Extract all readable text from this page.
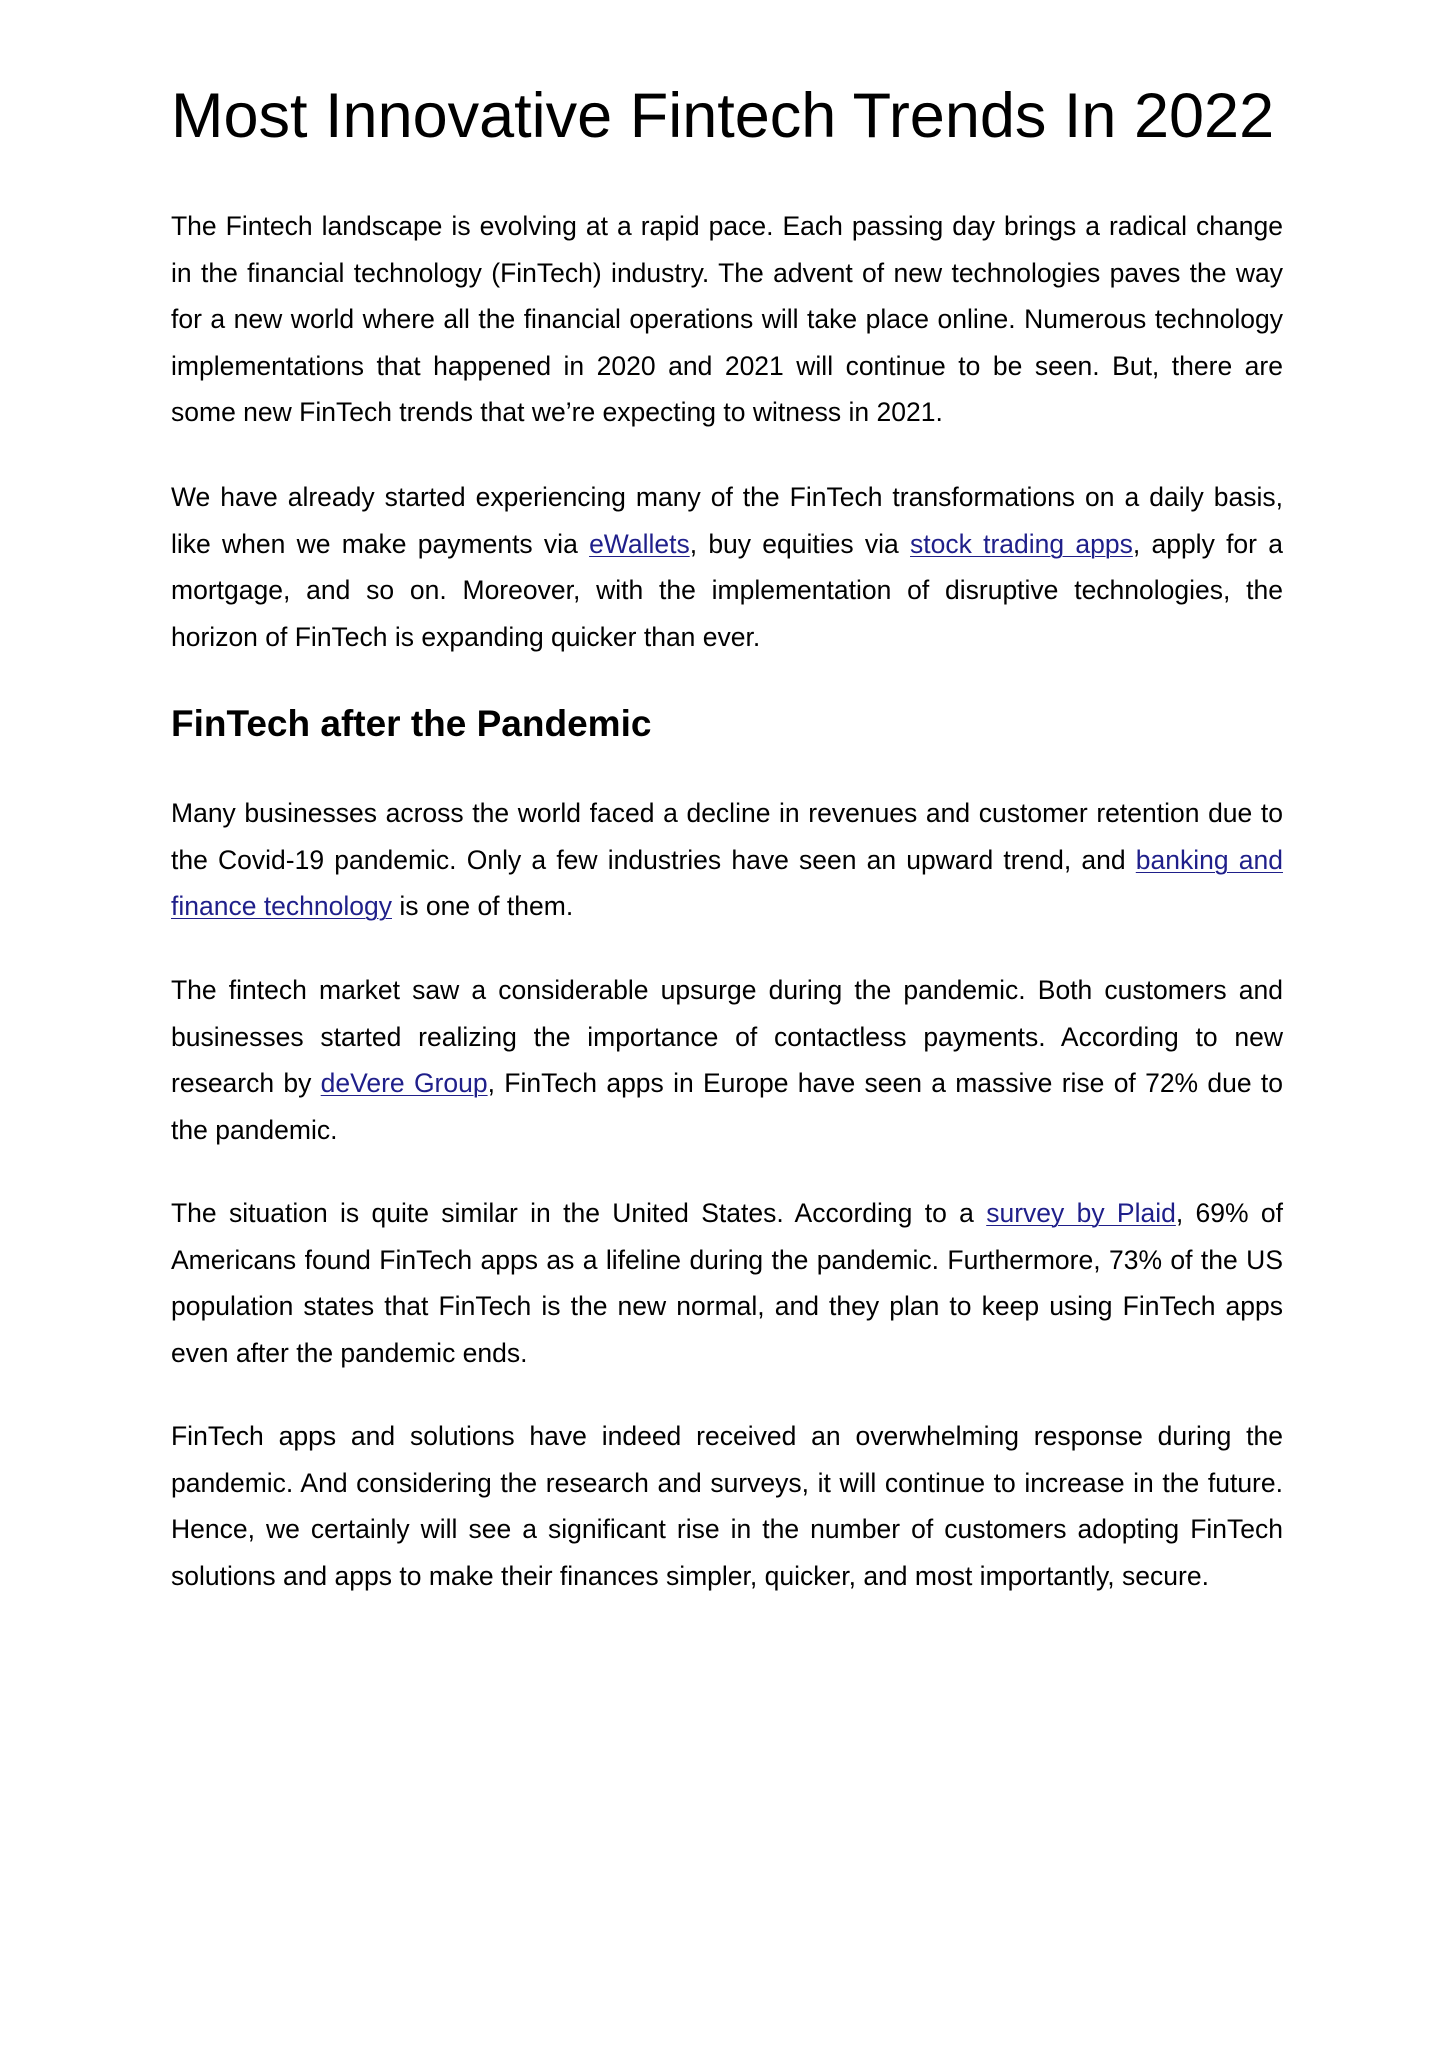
Most Innovative Fintech Trends In 2022

The Fintech landscape is evolving at a rapid pace. Each passing day brings a radical change in the financial technology (FinTech) industry. The advent of new technologies paves the way for a new world where all the financial operations will take place online. Numerous technology implementations that happened in 2020 and 2021 will continue to be seen. But, there are some new FinTech trends that we’re expecting to witness in 2021.

We have already started experiencing many of the FinTech transformations on a daily basis, like when we make payments via eWallets, buy equities via stock trading apps, apply for a mortgage, and so on. Moreover, with the implementation of disruptive technologies, the horizon of FinTech is expanding quicker than ever.

FinTech after the Pandemic

Many businesses across the world faced a decline in revenues and customer retention due to the Covid-19 pandemic. Only a few industries have seen an upward trend, and banking and finance technology is one of them.

The fintech market saw a considerable upsurge during the pandemic. Both customers and businesses started realizing the importance of contactless payments. According to new research by deVere Group, FinTech apps in Europe have seen a massive rise of 72% due to the pandemic.

The situation is quite similar in the United States. According to a survey by Plaid, 69% of Americans found FinTech apps as a lifeline during the pandemic. Furthermore, 73% of the US population states that FinTech is the new normal, and they plan to keep using FinTech apps even after the pandemic ends.

FinTech apps and solutions have indeed received an overwhelming response during the pandemic. And considering the research and surveys, it will continue to increase in the future. Hence, we certainly will see a significant rise in the number of customers adopting FinTech solutions and apps to make their finances simpler, quicker, and most importantly, secure.
